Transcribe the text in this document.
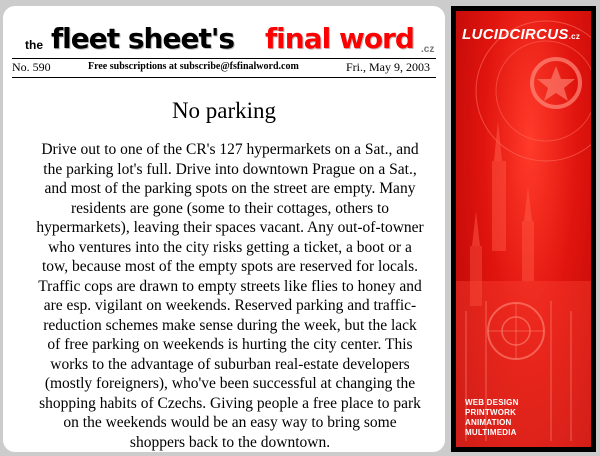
the fleet sheet's final word .cz
No. 590	Free subscriptions at subscribe@fsfinalword.com	Fri., May 9, 2003
No parking

Drive out to one of the CR's 127 hypermarkets on a Sat., and the parking lot's full. Drive into downtown Prague on a Sat., and most of the parking spots on the street are empty. Many residents are gone (some to their cottages, others to hypermarkets), leaving their spaces vacant. Any out-of-towner who ventures into the city risks getting a ticket, a boot or a tow, because most of the empty spots are reserved for locals. Traffic cops are drawn to empty streets like flies to honey and are esp. vigilant on weekends. Reserved parking and traffic-reduction schemes make sense during the week, but the lack of free parking on weekends is hurting the city center. This works to the advantage of suburban real-estate developers (mostly foreigners), who've been successful at changing the shopping habits of Czechs. Giving people a free place to park on the weekends would be an easy way to bring some shoppers back to the downtown.

LUCIDCIRCUS.cz
WEB DESIGN
PRINTWORK
ANIMATION
MULTIMEDIA
